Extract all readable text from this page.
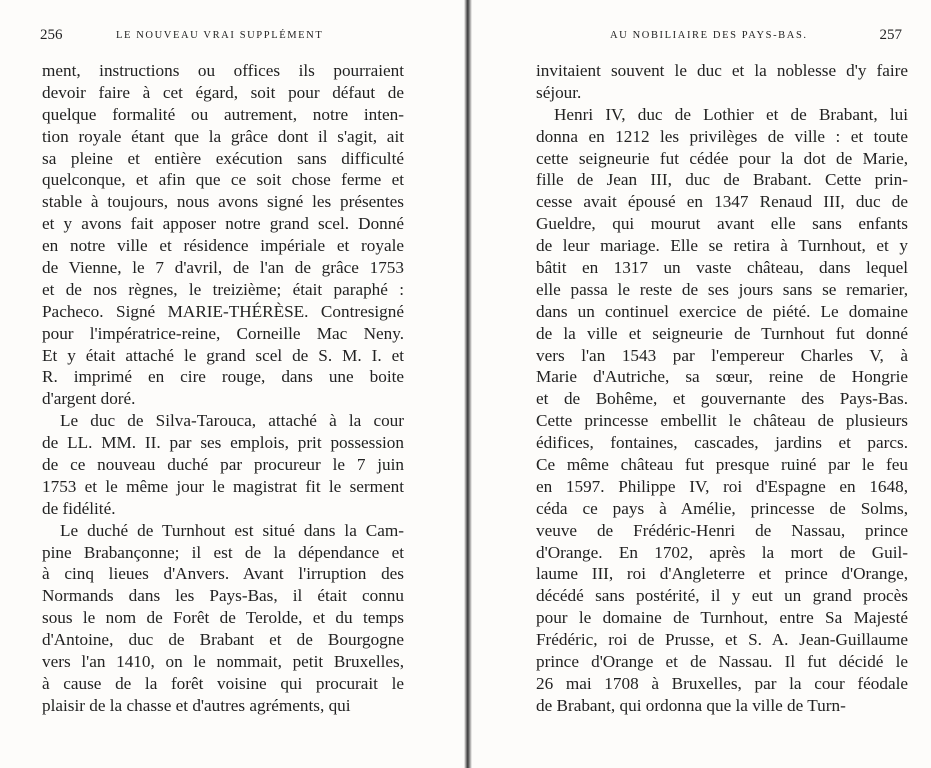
256	LE NOUVEAU VRAI SUPPLÉMENT
ment, instructions ou offices ils pourraient
devoir faire à cet égard, soit pour défaut de
quelque formalité ou autrement, notre inten-
tion royale étant que la grâce dont il s'agit, ait
sa pleine et entière exécution sans difficulté
quelconque, et afin que ce soit chose ferme et
stable à toujours, nous avons signé les présentes
et y avons fait apposer notre grand scel. Donné
en notre ville et résidence impériale et royale
de Vienne, le 7 d'avril, de l'an de grâce 1753
et de nos règnes, le treizième; était paraphé :
Pacheco. Signé MARIE-THÉRÈSE. Contresigné
pour l'impératrice-reine, Corneille Mac Neny.
Et y était attaché le grand scel de S. M. I. et
R. imprimé en cire rouge, dans une boite
d'argent doré.
Le duc de Silva-Tarouca, attaché à la cour
de LL. MM. II. par ses emplois, prit possession
de ce nouveau duché par procureur le 7 juin
1753 et le même jour le magistrat fit le serment
de fidélité.
Le duché de Turnhout est situé dans la Cam-
pine Brabançonne; il est de la dépendance et
à cinq lieues d'Anvers. Avant l'irruption des
Normands dans les Pays-Bas, il était connu
sous le nom de Forêt de Terolde, et du temps
d'Antoine, duc de Brabant et de Bourgogne
vers l'an 1410, on le nommait, petit Bruxelles,
à cause de la forêt voisine qui procurait le
plaisir de la chasse et d'autres agréments, qui
AU NOBILIAIRE DES PAYS-BAS.	257
invitaient souvent le duc et la noblesse d'y faire
séjour.
Henri IV, duc de Lothier et de Brabant, lui
donna en 1212 les privilèges de ville : et toute
cette seigneurie fut cédée pour la dot de Marie,
fille de Jean III, duc de Brabant. Cette prin-
cesse avait épousé en 1347 Renaud III, duc de
Gueldre, qui mourut avant elle sans enfants
de leur mariage. Elle se retira à Turnhout, et y
bâtit en 1317 un vaste château, dans lequel
elle passa le reste de ses jours sans se remarier,
dans un continuel exercice de piété. Le domaine
de la ville et seigneurie de Turnhout fut donné
vers l'an 1543 par l'empereur Charles V, à
Marie d'Autriche, sa sœur, reine de Hongrie
et de Bohême, et gouvernante des Pays-Bas.
Cette princesse embellit le château de plusieurs
édifices, fontaines, cascades, jardins et parcs.
Ce même château fut presque ruiné par le feu
en 1597. Philippe IV, roi d'Espagne en 1648,
céda ce pays à Amélie, princesse de Solms,
veuve de Frédéric-Henri de Nassau, prince
d'Orange. En 1702, après la mort de Guil-
laume III, roi d'Angleterre et prince d'Orange,
décédé sans postérité, il y eut un grand procès
pour le domaine de Turnhout, entre Sa Majesté
Frédéric, roi de Prusse, et S. A. Jean-Guillaume
prince d'Orange et de Nassau. Il fut décidé le
26 mai 1708 à Bruxelles, par la cour féodale
de Brabant, qui ordonna que la ville de Turn-
